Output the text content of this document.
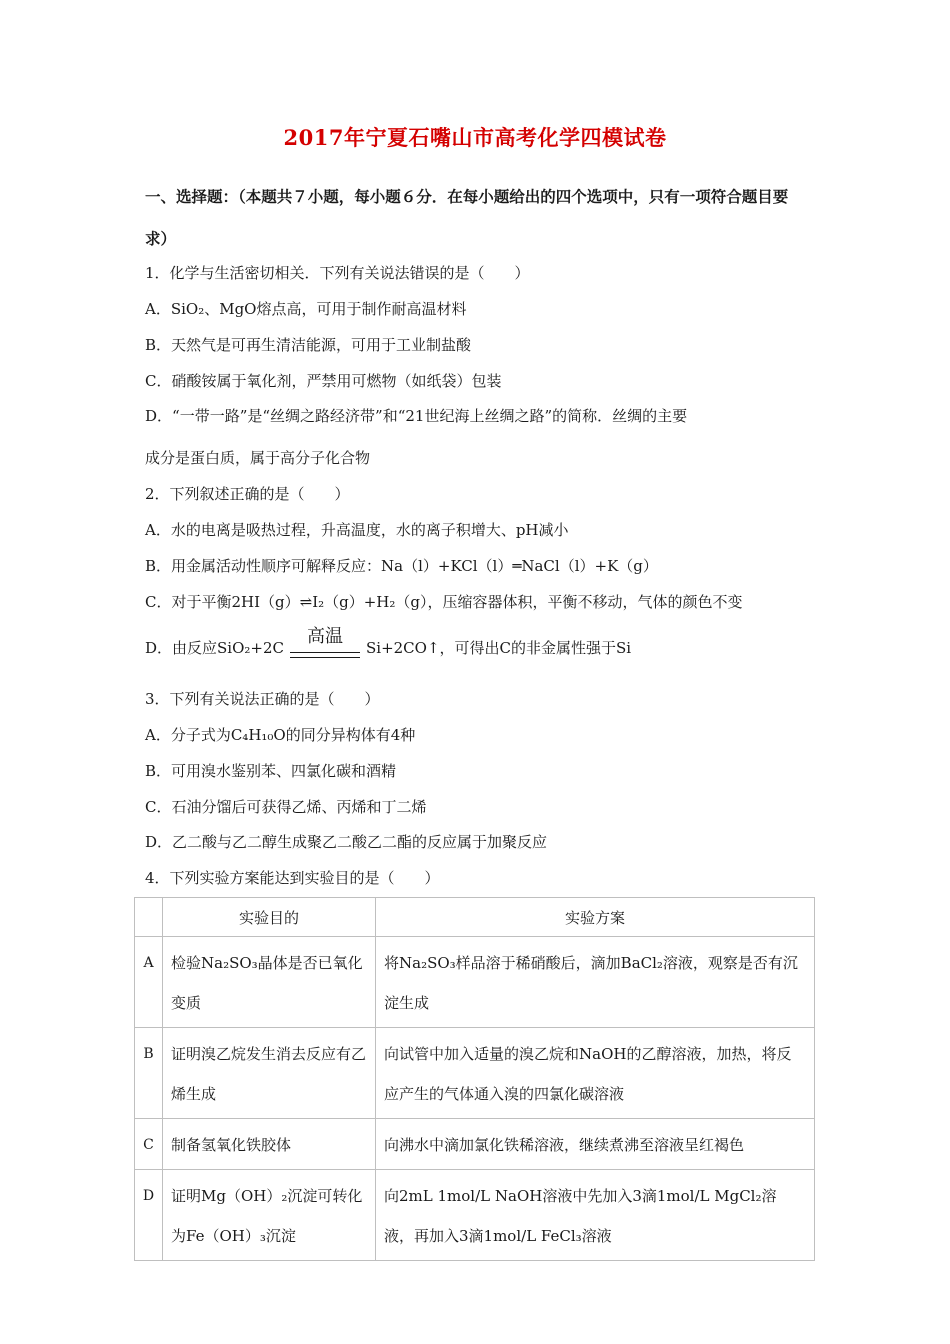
2017年宁夏石嘴山市高考化学四模试卷
一、选择题：（本题共７小题，每小题６分．在每小题给出的四个选项中，只有一项符合题目要求）
1．化学与生活密切相关．下列有关说法错误的是（　　）
A．SiO₂、MgO熔点高，可用于制作耐高温材料
B．天然气是可再生清洁能源，可用于工业制盐酸
C．硝酸铵属于氧化剂，严禁用可燃物（如纸袋）包装
D．“一带一路”是“丝绸之路经济带”和“21世纪海上丝绸之路”的简称．丝绸的主要
成分是蛋白质，属于高分子化合物
2．下列叙述正确的是（　　）
A．水的电离是吸热过程，升高温度，水的离子积增大、pH减小
B．用金属活动性顺序可解释反应：Na（l）+KCl（l）═NaCl（l）+K（g）
C．对于平衡2HI（g）⇌I₂（g）+H₂（g），压缩容器体积，平衡不移动，气体的颜色不变
D．由反应SiO₂+2C
高温
Si+2CO↑，可得出C的非金属性强于Si
3．下列有关说法正确的是（　　）
A．分子式为C₄H₁₀O的同分异构体有4种
B．可用溴水鉴别苯、四氯化碳和酒精
C．石油分馏后可获得乙烯、丙烯和丁二烯
D．乙二酸与乙二醇生成聚乙二酸乙二酯的反应属于加聚反应
4．下列实验方案能达到实验目的是（　　）
	实验目的	实验方案
A	检验Na₂SO₃晶体是否已氧化变质	将Na₂SO₃样品溶于稀硝酸后，滴加BaCl₂溶液，观察是否有沉淀生成
B	证明溴乙烷发生消去反应有乙烯生成	向试管中加入适量的溴乙烷和NaOH的乙醇溶液，加热，将反应产生的气体通入溴的四氯化碳溶液
C	制备氢氧化铁胶体	向沸水中滴加氯化铁稀溶液，继续煮沸至溶液呈红褐色
D	证明Mg（OH）₂沉淀可转化为Fe（OH）₃沉淀	向2mL 1mol/L NaOH溶液中先加入3滴1mol/L MgCl₂溶液，再加入3滴1mol/L FeCl₃溶液
